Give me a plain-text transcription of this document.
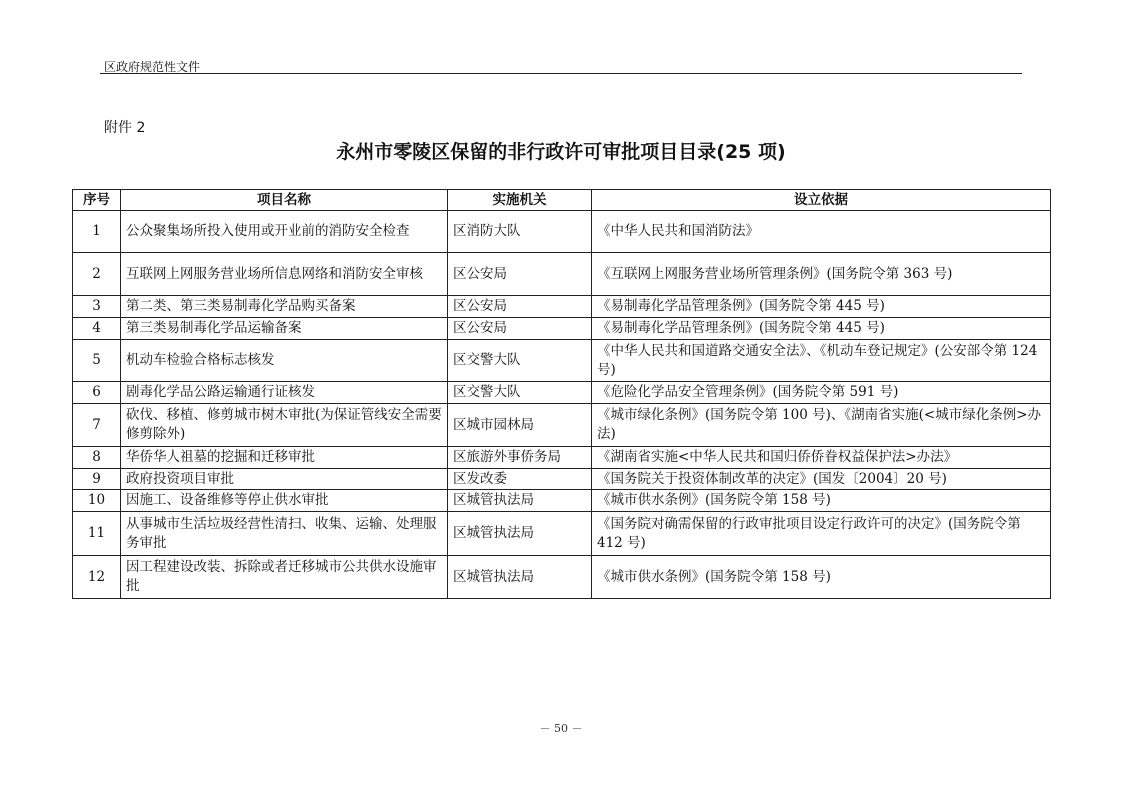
区政府规范性文件
附件 2
永州市零陵区保留的非行政许可审批项目目录(25 项)
序号	项目名称	实施机关	设立依据
1	公众聚集场所投入使用或开业前的消防安全检查	区消防大队	《中华人民共和国消防法》
2	互联网上网服务营业场所信息网络和消防安全审核	区公安局	《互联网上网服务营业场所管理条例》(国务院令第 363 号)
3	第二类、第三类易制毒化学品购买备案	区公安局	《易制毒化学品管理条例》(国务院令第 445 号)
4	第三类易制毒化学品运输备案	区公安局	《易制毒化学品管理条例》(国务院令第 445 号)
5	机动车检验合格标志核发	区交警大队	《中华人民共和国道路交通安全法》、《机动车登记规定》(公安部令第 124 号)
6	剧毒化学品公路运输通行证核发	区交警大队	《危险化学品安全管理条例》(国务院令第 591 号)
7	砍伐、移植、修剪城市树木审批(为保证管线安全需要修剪除外)	区城市园林局	《城市绿化条例》(国务院令第 100 号)、《湖南省实施(<城市绿化条例>办法)
8	华侨华人祖墓的挖掘和迁移审批	区旅游外事侨务局	《湖南省实施<中华人民共和国归侨侨眷权益保护法>办法》
9	政府投资项目审批	区发改委	《国务院关于投资体制改革的决定》(国发〔2004〕20 号)
10	因施工、设备维修等停止供水审批	区城管执法局	《城市供水条例》(国务院令第 158 号)
11	从事城市生活垃圾经营性清扫、收集、运输、处理服务审批	区城管执法局	《国务院对确需保留的行政审批项目设定行政许可的决定》(国务院令第 412 号)
12	因工程建设改装、拆除或者迁移城市公共供水设施审批	区城管执法局	《城市供水条例》(国务院令第 158 号)
－ 50 －
